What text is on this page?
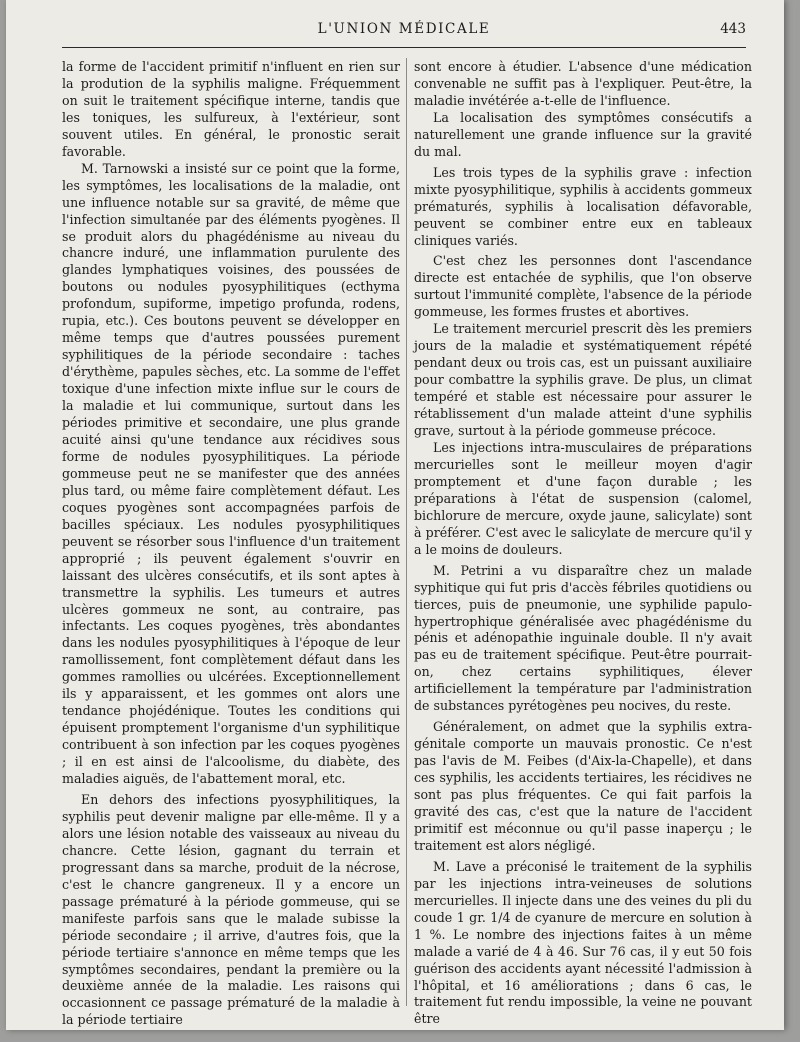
L'UNION MÉDICALE	443

la forme de l'accident primitif n'influent en rien sur la prodution de la syphilis maligne. Fréquemment on suit le traitement spécifique interne, tandis que les toniques, les sulfureux, à l'extérieur, sont souvent utiles. En général, le pronostic serait favorable.

M. Tarnowski a insisté sur ce point que la forme, les symptômes, les localisations de la maladie, ont une influence notable sur sa gravité, de même que l'infection simultanée par des éléments pyogènes. Il se produit alors du phagédénisme au niveau du chancre induré, une inflammation purulente des glandes lymphatiques voisines, des poussées de boutons ou nodules pyosyphilitiques (ecthyma profondum, supiforme, impetigo profunda, rodens, rupia, etc.). Ces boutons peuvent se développer en même temps que d'autres poussées purement syphilitiques de la période secondaire : taches d'érythème, papules sèches, etc. La somme de l'effet toxique d'une infection mixte influe sur le cours de la maladie et lui communique, surtout dans les périodes primitive et secondaire, une plus grande acuité ainsi qu'une tendance aux récidives sous forme de nodules pyosyphilitiques. La période gommeuse peut ne se manifester que des années plus tard, ou même faire complètement défaut. Les coques pyogènes sont accompagnées parfois de bacilles spéciaux. Les nodules pyosyphilitiques peuvent se résorber sous l'influence d'un traitement approprié ; ils peuvent également s'ouvrir en laissant des ulcères consécutifs, et ils sont aptes à transmettre la syphilis. Les tumeurs et autres ulcères gommeux ne sont, au contraire, pas infectants. Les coques pyogènes, très abondantes dans les nodules pyosyphilitiques à l'époque de leur ramollissement, font complètement défaut dans les gommes ramollies ou ulcérées. Exceptionnellement ils y apparaissent, et les gommes ont alors une tendance phojédénique. Toutes les conditions qui épuisent promptement l'organisme d'un syphilitique contribuent à son infection par les coques pyogènes ; il en est ainsi de l'alcoolisme, du diabète, des maladies aiguës, de l'abattement moral, etc.

En dehors des infections pyosyphilitiques, la syphilis peut devenir maligne par elle-même. Il y a alors une lésion notable des vaisseaux au niveau du chancre. Cette lésion, gagnant du terrain et progressant dans sa marche, produit de la nécrose, c'est le chancre gangreneux. Il y a encore un passage prématuré à la période gommeuse, qui se manifeste parfois sans que le malade subisse la période secondaire ; il arrive, d'autres fois, que la période tertiaire s'annonce en même temps que les symptômes secondaires, pendant la première ou la deuxième année de la maladie. Les raisons qui occasionnent ce passage prématuré de la maladie à la période tertiaire

sont encore à étudier. L'absence d'une médication convenable ne suffit pas à l'expliquer. Peut-être, la maladie invétérée a-t-elle de l'influence.

La localisation des symptômes consécutifs a naturellement une grande influence sur la gravité du mal.

Les trois types de la syphilis grave : infection mixte pyosyphilitique, syphilis à accidents gommeux prématurés, syphilis à localisation défavorable, peuvent se combiner entre eux en tableaux cliniques variés.

C'est chez les personnes dont l'ascendance directe est entachée de syphilis, que l'on observe surtout l'immunité complète, l'absence de la période gommeuse, les formes frustes et abortives.

Le traitement mercuriel prescrit dès les premiers jours de la maladie et systématiquement répété pendant deux ou trois cas, est un puissant auxiliaire pour combattre la syphilis grave. De plus, un climat tempéré et stable est nécessaire pour assurer le rétablissement d'un malade atteint d'une syphilis grave, surtout à la période gommeuse précoce.

Les injections intra-musculaires de préparations mercurielles sont le meilleur moyen d'agir promptement et d'une façon durable ; les préparations à l'état de suspension (calomel, bichlorure de mercure, oxyde jaune, salicylate) sont à préférer. C'est avec le salicylate de mercure qu'il y a le moins de douleurs.

M. Petrini a vu disparaître chez un malade syphitique qui fut pris d'accès fébriles quotidiens ou tierces, puis de pneumonie, une syphilide papulo-hypertrophique généralisée avec phagédénisme du pénis et adénopathie inguinale double. Il n'y avait pas eu de traitement spécifique. Peut-être pourrait-on, chez certains syphilitiques, élever artificiellement la température par l'administration de substances pyrétogènes peu nocives, du reste.

Généralement, on admet que la syphilis extra-génitale comporte un mauvais pronostic. Ce n'est pas l'avis de M. Feibes (d'Aix-la-Chapelle), et dans ces syphilis, les accidents tertiaires, les récidives ne sont pas plus fréquentes. Ce qui fait parfois la gravité des cas, c'est que la nature de l'accident primitif est méconnue ou qu'il passe inaperçu ; le traitement est alors négligé.

M. Lave a préconisé le traitement de la syphilis par les injections intra-veineuses de solutions mercurielles. Il injecte dans une des veines du pli du coude 1 gr. 1/4 de cyanure de mercure en solution à 1 %. Le nombre des injections faites à un même malade a varié de 4 à 46. Sur 76 cas, il y eut 50 fois guérison des accidents ayant nécessité l'admission à l'hôpital, et 16 améliorations ; dans 6 cas, le traitement fut rendu impossible, la veine ne pouvant être
